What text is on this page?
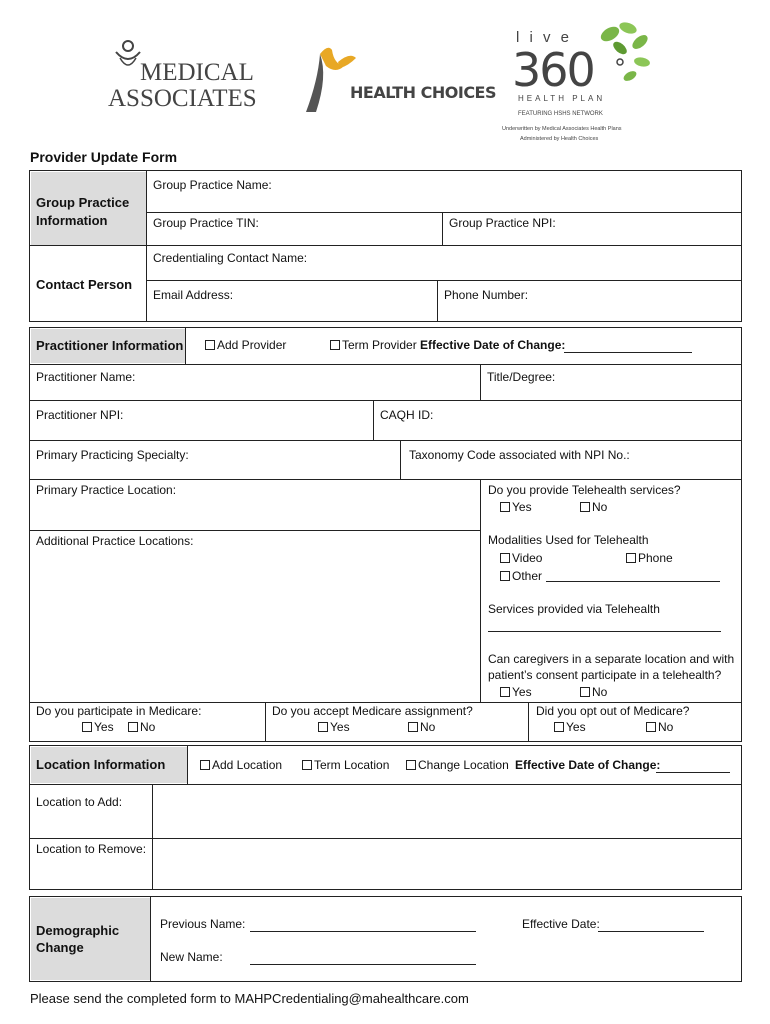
MEDICAL
ASSOCIATES	HEALTH CHOICES
l i v e
360
HEALTH PLAN
FEATURING HSHS NETWORK
Underwritten by Medical Associates Health Plans
Administered by Health Choices
Provider Update Form
Group Practice
Information
Group Practice Name:
Group Practice TIN:	Group Practice NPI:
Contact Person
Credentialing Contact Name:
Email Address:	Phone Number:
Practitioner Information	Add Provider	Term Provider Effective Date of Change:
Practitioner Name:	Title/Degree:
Practitioner NPI:	CAQH ID:
Primary Practicing Specialty:	Taxonomy Code associated with NPI No.:
Primary Practice Location:
Additional Practice Locations:
Do you provide Telehealth services?
Yes	No
Modalities Used for Telehealth
Video	Phone
Other
Services provided via Telehealth
Can caregivers in a separate location and with
patient’s consent participate in a telehealth?
Yes	No
Do you participate in Medicare:
Yes	No
Do you accept Medicare assignment?
Yes	No
Did you opt out of Medicare?
Yes	No
Location Information	Add Location	Term Location	Change Location Effective Date of Change:
Location to Add:
Location to Remove:
Demographic
Change
Previous Name:	Effective Date:
New Name:
Please send the completed form to MAHPCredentialing@mahealthcare.com
